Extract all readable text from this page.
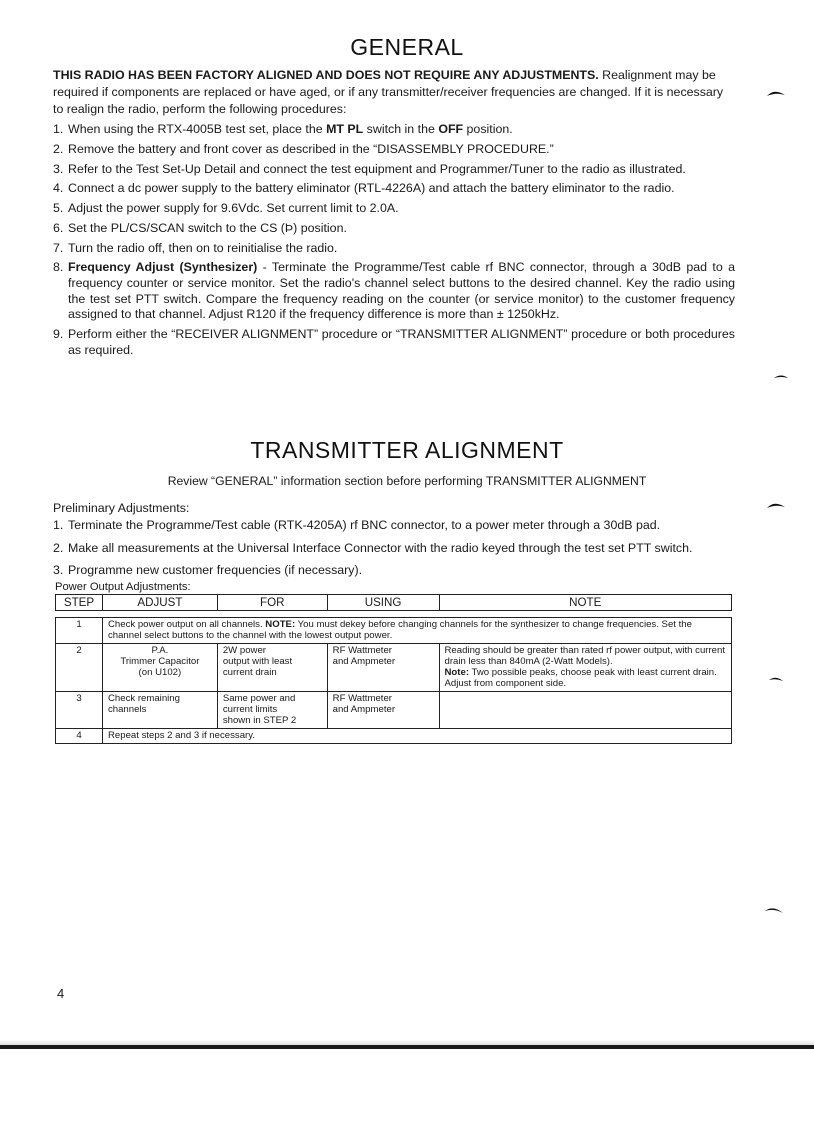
GENERAL

THIS RADIO HAS BEEN FACTORY ALIGNED AND DOES NOT REQUIRE ANY ADJUSTMENTS. Realignment may be required if components are replaced or have aged, or if any transmitter/receiver frequencies are changed. If it is necessary to realign the radio, perform the following procedures:

1. When using the RTX-4005B test set, place the MT PL switch in the OFF position.
2. Remove the battery and front cover as described in the “DISASSEMBLY PROCEDURE.”
3. Refer to the Test Set-Up Detail and connect the test equipment and Programmer/Tuner to the radio as illustrated.
4. Connect a dc power supply to the battery eliminator (RTL-4226A) and attach the battery eliminator to the radio.
5. Adjust the power supply for 9.6Vdc. Set current limit to 2.0A.
6. Set the PL/CS/SCAN switch to the CS (Þ) position.
7. Turn the radio off, then on to reinitialise the radio.
8. Frequency Adjust (Synthesizer) - Terminate the Programme/Test cable rf BNC connector, through a 30dB pad to a frequency counter or service monitor. Set the radio's channel select buttons to the desired channel. Key the radio using the test set PTT switch. Compare the frequency reading on the counter (or service monitor) to the customer frequency assigned to that channel. Adjust R120 if the frequency difference is more than ± 1250kHz.
9. Perform either the “RECEIVER ALIGNMENT” procedure or “TRANSMITTER ALIGNMENT” procedure or both procedures as required.
TRANSMITTER ALIGNMENT

Review “GENERAL” information section before performing TRANSMITTER ALIGNMENT

Preliminary Adjustments:

1. Terminate the Programme/Test cable (RTK-4205A) rf BNC connector, to a power meter through a 30dB pad.
2. Make all measurements at the Universal Interface Connector with the radio keyed through the test set PTT switch.
3. Programme new customer frequencies (if necessary).

Power Output Adjustments:

STEP	ADJUST	FOR	USING	NOTE

1	Check power output on all channels. NOTE: You must dekey before changing channels for the synthesizer to change frequencies. Set the channel select buttons to the channel with the lowest output power.			
2	P.A.
Trimmer Capacitor
(on U102)	2W power
output with least
current drain	RF Wattmeter
and Ampmeter	Reading should be greater than rated rf power output, with current drain less than 840mA (2-Watt Models).
Note: Two possible peaks, choose peak with least current drain. Adjust from component side.
3	Check remaining
channels	Same power and
current limits
shown in STEP 2	RF Wattmeter
and Ampmeter	
4	Repeat steps 2 and 3 if necessary.			

4
